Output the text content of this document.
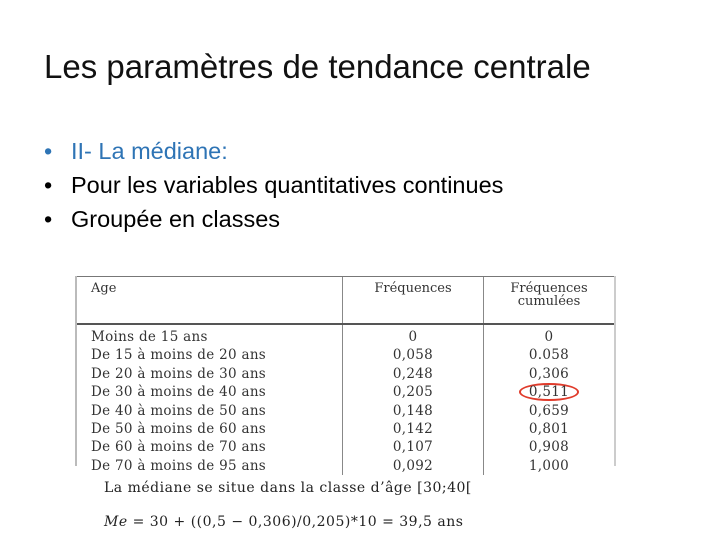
Les paramètres de tendance centrale
• II- La médiane:
• Pour les variables quantitatives continues
• Groupée en classes
Age	Fréquences	Fréquences cumulées
Moins de 15 ans	0	0
De 15 à moins de 20 ans	0,058	0.058
De 20 à moins de 30 ans	0,248	0,306
De 30 à moins de 40 ans	0,205	0,511
De 40 à moins de 50 ans	0,148	0,659
De 50 à moins de 60 ans	0,142	0,801
De 60 à moins de 70 ans	0,107	0,908
De 70 à moins de 95 ans	0,092	1,000
La médiane se situe dans la classe d’âge [30;40[
Me = 30 + ((0,5 − 0,306)/0,205)*10 = 39,5 ans
